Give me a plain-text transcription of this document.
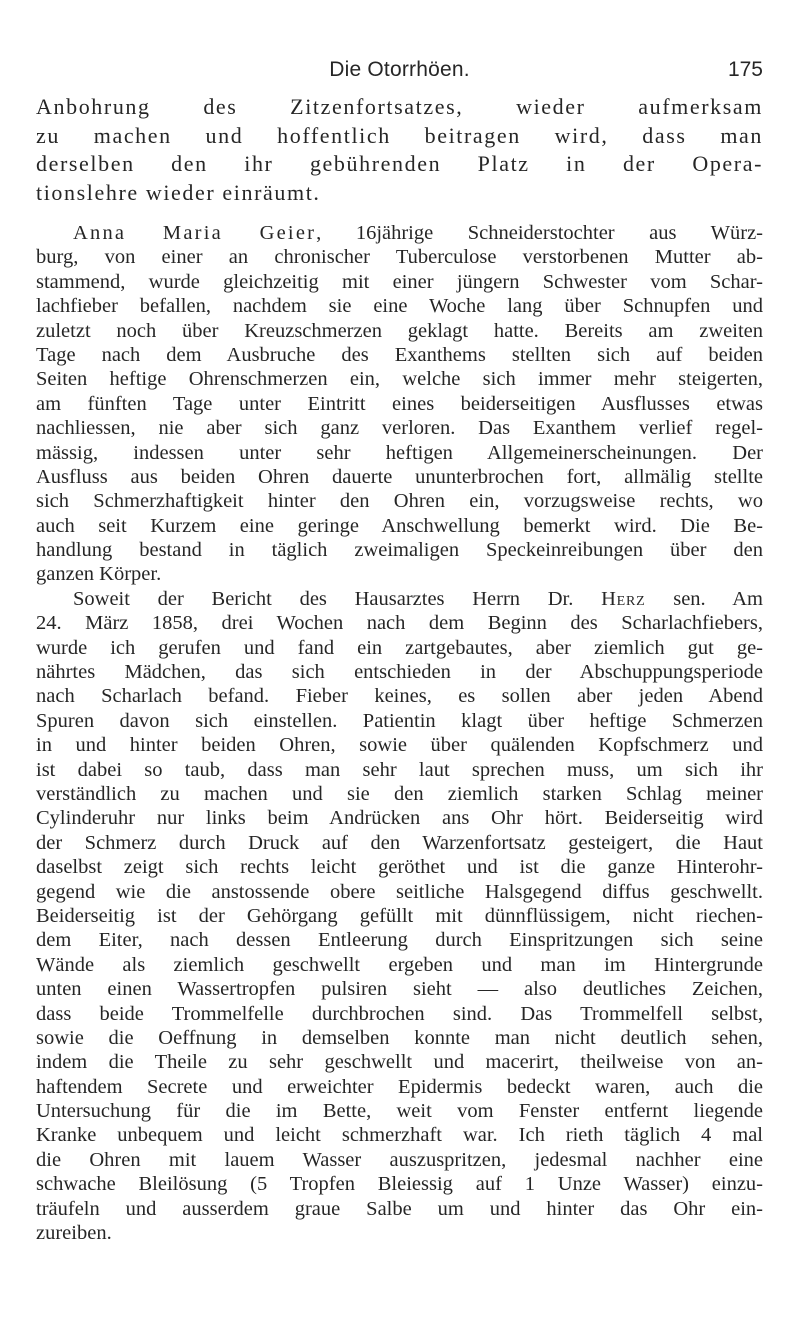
Die Otorrhöen.	175
Anbohrung des Zitzenfortsatzes, wieder aufmerksam
zu machen und hoffentlich beitragen wird, dass man
derselben den ihr gebührenden Platz in der Opera-
tionslehre wieder einräumt.
Anna Maria Geier, 16jährige Schneiderstochter aus Würz-
burg, von einer an chronischer Tuberculose verstorbenen Mutter ab-
stammend, wurde gleichzeitig mit einer jüngern Schwester vom Schar-
lachfieber befallen, nachdem sie eine Woche lang über Schnupfen und
zuletzt noch über Kreuzschmerzen geklagt hatte. Bereits am zweiten
Tage nach dem Ausbruche des Exanthems stellten sich auf beiden
Seiten heftige Ohrenschmerzen ein, welche sich immer mehr steigerten,
am fünften Tage unter Eintritt eines beiderseitigen Ausflusses etwas
nachliessen, nie aber sich ganz verloren. Das Exanthem verlief regel-
mässig, indessen unter sehr heftigen Allgemeinerscheinungen. Der
Ausfluss aus beiden Ohren dauerte ununterbrochen fort, allmälig stellte
sich Schmerzhaftigkeit hinter den Ohren ein, vorzugsweise rechts, wo
auch seit Kurzem eine geringe Anschwellung bemerkt wird. Die Be-
handlung bestand in täglich zweimaligen Speckeinreibungen über den
ganzen Körper.
Soweit der Bericht des Hausarztes Herrn Dr. Herz sen. Am
24. März 1858, drei Wochen nach dem Beginn des Scharlachfiebers,
wurde ich gerufen und fand ein zartgebautes, aber ziemlich gut ge-
nährtes Mädchen, das sich entschieden in der Abschuppungsperiode
nach Scharlach befand. Fieber keines, es sollen aber jeden Abend
Spuren davon sich einstellen. Patientin klagt über heftige Schmerzen
in und hinter beiden Ohren, sowie über quälenden Kopfschmerz und
ist dabei so taub, dass man sehr laut sprechen muss, um sich ihr
verständlich zu machen und sie den ziemlich starken Schlag meiner
Cylinderuhr nur links beim Andrücken ans Ohr hört. Beiderseitig wird
der Schmerz durch Druck auf den Warzenfortsatz gesteigert, die Haut
daselbst zeigt sich rechts leicht geröthet und ist die ganze Hinterohr-
gegend wie die anstossende obere seitliche Halsgegend diffus geschwellt.
Beiderseitig ist der Gehörgang gefüllt mit dünnflüssigem, nicht riechen-
dem Eiter, nach dessen Entleerung durch Einspritzungen sich seine
Wände als ziemlich geschwellt ergeben und man im Hintergrunde
unten einen Wassertropfen pulsiren sieht — also deutliches Zeichen,
dass beide Trommelfelle durchbrochen sind. Das Trommelfell selbst,
sowie die Oeffnung in demselben konnte man nicht deutlich sehen,
indem die Theile zu sehr geschwellt und macerirt, theilweise von an-
haftendem Secrete und erweichter Epidermis bedeckt waren, auch die
Untersuchung für die im Bette, weit vom Fenster entfernt liegende
Kranke unbequem und leicht schmerzhaft war. Ich rieth täglich 4 mal
die Ohren mit lauem Wasser auszuspritzen, jedesmal nachher eine
schwache Bleilösung (5 Tropfen Bleiessig auf 1 Unze Wasser) einzu-
träufeln und ausserdem graue Salbe um und hinter das Ohr ein-
zureiben.
